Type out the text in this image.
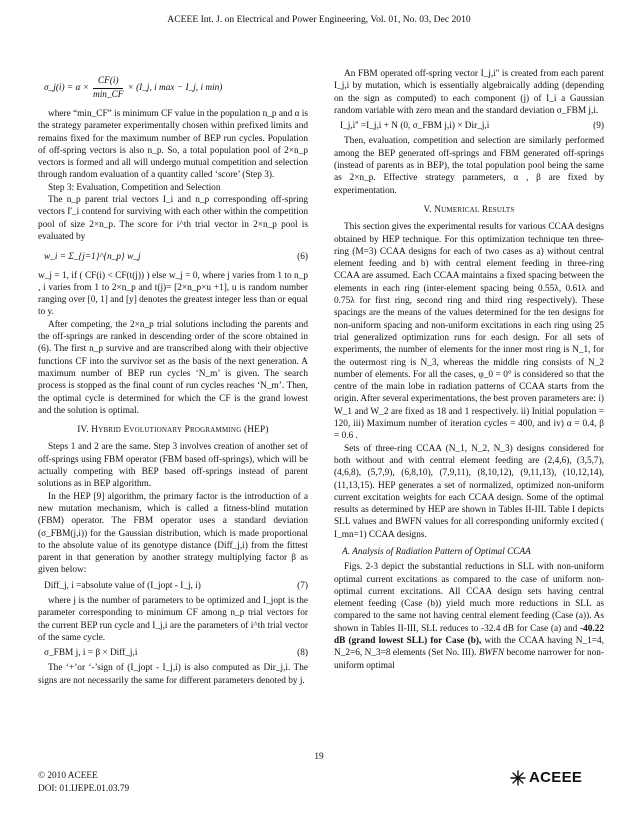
ACEEE Int. J. on Electrical and Power Engineering, Vol. 01, No. 03, Dec 2010
σ_j(i) = $\alpha \times \frac{CF(i)}{\min\_CF}$ × (I_j, i max − I_j, i min)

where “min_CF” is minimum CF value in the population n_p and α is the strategy parameter experimentally chosen within prefixed limits and remains fixed for the maximum number of BEP run cycles. Population of off-spring vectors is also n_p. So, a total population pool of 2×n_p vectors is formed and all will undergo mutual competition and selection through random evaluation of a quantity called ‘score’ (Step 3).

Step 3: Evaluation, Competition and Selection

The n_p parent trial vectors I_i and n_p corresponding off-spring vectors I'_i contend for surviving with each other within the competition pool of size 2×n_p. The score for i^th trial vector in 2×n_p pool is evaluated by

w_i = Σ_{j=1}^{n_p} w_j	(6)

w_j = 1, if ( CF(i) < CF(t(j)) ) else w_j = 0, where j varies from 1 to n_p , i varies from 1 to 2×n_p and t(j)= [2×n_p×u +1], u is random number ranging over [0, 1] and [y] denotes the greatest integer less than or equal to y.

After competing, the 2×n_p trial solutions including the parents and the off-springs are ranked in descending order of the score obtained in (6). The first n_p survive and are transcribed along with their objective functions CF into the survivor set as the basis of the next generation. A maximum number of BEP run cycles ‘N_m’ is given. The search process is stopped as the final count of run cycles reaches ‘N_m’. Then, the optimal cycle is determined for which the CF is the grand lowest and the solution is optimal.

IV. Hybrid Evolutionary Programming (HEP)

Steps 1 and 2 are the same. Step 3 involves creation of another set of off-springs using FBM operator (FBM based off-springs), which will be actually competing with BEP based off-springs instead of parent solutions as in BEP algorithm.

In the HEP [9] algorithm, the primary factor is the introduction of a new mutation mechanism, which is called a fitness-blind mutation (FBM) operator. The FBM operator uses a standard deviation (σ_FBM(j,i)) for the Gaussian distribution, which is made proportional to the absolute value of its genotype distance (Diff_j,i) from the fittest parent in that generation by another strategy multiplying factor β as given below:

Diff_j, i =absolute value of (I_jopt - I_j, i)	(7)

where j is the number of parameters to be optimized and I_jopt is the parameter corresponding to minimum CF among n_p trial vectors for the current BEP run cycle and I_j,i are the parameters of i^th trial vector of the same cycle.

σ_FBM j, i = β × Diff_j,i	(8)

The ‘+’or ‘-’sign of (I_jopt - I_j,i) is also computed as Dir_j,i. The signs are not necessarily the same for different parameters denoted by j.

An FBM operated off-spring vector I_j,i'' is created from each parent I_j,i by mutation, which is essentially algebraically adding (depending on the sign as computed) to each component (j) of I_i a Gaussian random variable with zero mean and the standard deviation σ_FBM j,i.

I_j,i'' =I_j,i + N (0, σ_FBM j,i) × Dir_j,i	(9)

Then, evaluation, competition and selection are similarly performed among the BEP generated off-springs and FBM generated off-springs (instead of parents as in BEP), the total population pool being the same as 2×n_p. Effective strategy parameters, α , β are fixed by experimentation.

V. Numerical Results

This section gives the experimental results for various CCAA designs obtained by HEP technique. For this optimization technique ten three-ring (M=3) CCAA designs for each of two cases as a) without central element feeding and b) with central element feeding in three-ring CCAA are assumed. Each CCAA maintains a fixed spacing between the elements in each ring (inter-element spacing being 0.55λ, 0.61λ and 0.75λ for first ring, second ring and third ring respectively). These spacings are the means of the values determined for the ten designs for non-uniform spacing and non-uniform excitations in each ring using 25 trial generalized optimization runs for each design. For all sets of experiments, the number of elements for the inner most ring is N_1, for the outermost ring is N_3, whereas the middle ring consists of N_2 number of elements. For all the cases, φ_0 = 0° is considered so that the centre of the main lobe in radiation patterns of CCAA starts from the origin. After several experimentations, the best proven parameters are: i) W_1 and W_2 are fixed as 18 and 1 respectively. ii) Initial population = 120, iii) Maximum number of iteration cycles = 400, and iv) α = 0.4, β = 0.6 .

Sets of three-ring CCAA (N_1, N_2, N_3) designs considered for both without and with central element feeding are (2,4,6), (3,5,7), (4,6,8), (5,7,9), (6,8,10), (7,9,11), (8,10,12), (9,11,13), (10,12,14), (11,13,15). HEP generates a set of normalized, optimized non-uniform current excitation weights for each CCAA design. Some of the optimal results as determined by HEP are shown in Tables II-III. Table I depicts SLL values and BWFN values for all corresponding uniformly excited ( I_mn=1) CCAA designs.

A. Analysis of Radiation Pattern of Optimal CCAA

Figs. 2-3 depict the substantial reductions in SLL with non-uniform optimal current excitations as compared to the case of uniform non-optimal current excitations. All CCAA design sets having central element feeding (Case (b)) yield much more reductions in SLL as compared to the same not having central element feeding (Case (a)). As shown in Tables II-III, SLL reduces to -32.4 dB for Case (a) and -40.22 dB (grand lowest SLL) for Case (b), with the CCAA having N_1=4, N_2=6, N_3=8 elements (Set No. III). BWFN become narrower for non-uniform optimal

19
© 2010 ACEEE
DOI: 01.IJEPE.01.03.79
ACEEE
